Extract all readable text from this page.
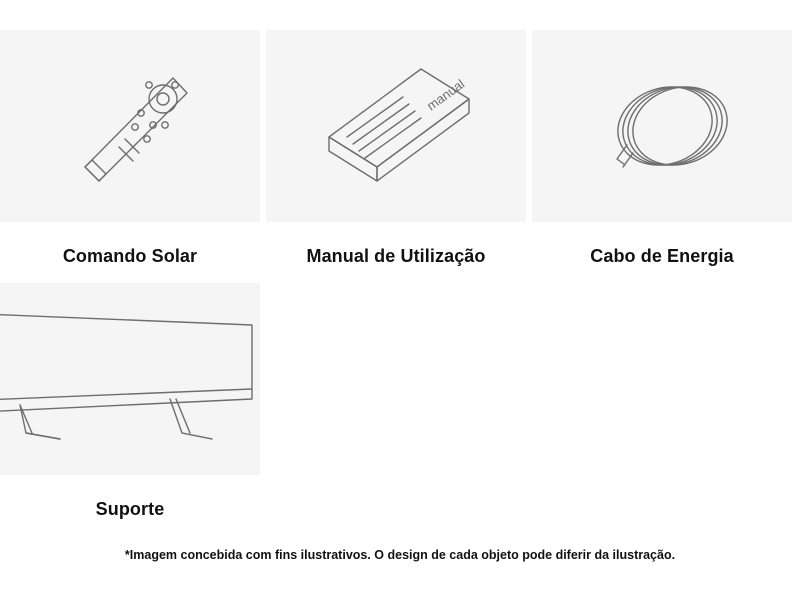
Comando Solar
manual
Manual de Utilização	Cabo de Energia
Suporte
*Imagem concebida com fins ilustrativos. O design de cada objeto pode diferir da ilustração.
